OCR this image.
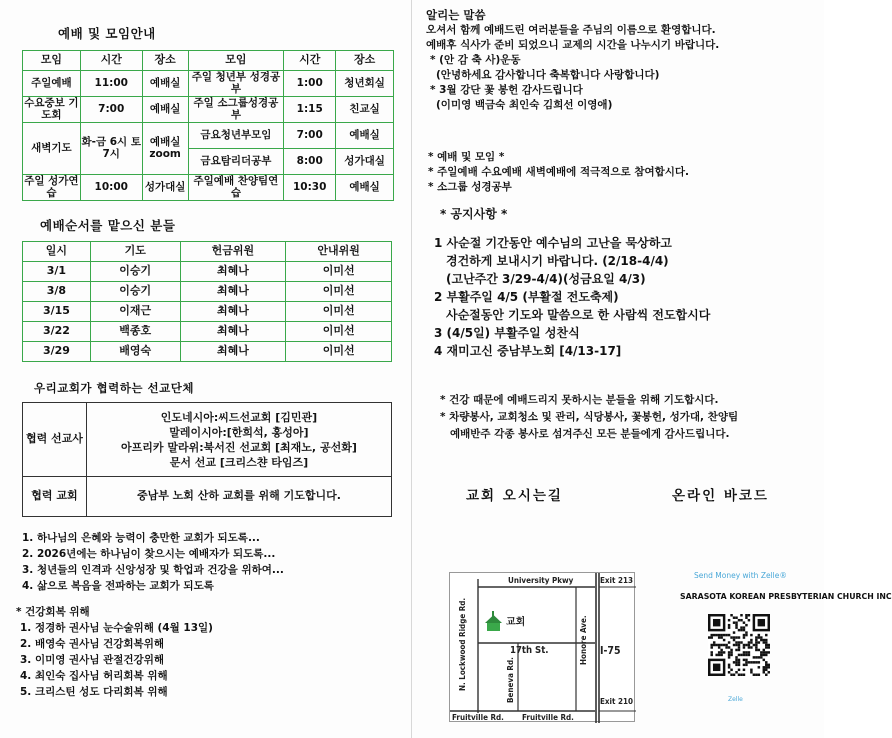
예배 및 모임안내
모임	시간	장소	모임	시간	장소
주일예배	11:00	예배실	주일 청년부 성경공부	1:00	청년회실
수요중보 기도회	7:00	예배실	주일 소그룹성경공부	1:15	친교실
새벽기도	화-금 6시 토 7시	예배실 zoom	금요청년부모임	7:00	예배실
			금요탐리더공부	8:00	성가대실
주일 성가연습	10:00	성가대실	주일예배 찬양팀연습	10:30	예배실
예배순서를 맡으신 분들
일시	기도	헌금위원	안내위원
3/1	이승기	최혜나	이미선
3/8	이승기	최혜나	이미선
3/15	이재근	최혜나	이미선
3/22	백종호	최혜나	이미선
3/29	배영숙	최혜나	이미선
우리교회가 협력하는 선교단체
협력 선교사	인도네시아:씨드선교회 [김민관]
말레이시아:[한희석, 홍성아]
아프리카 말라위:북서진 선교회 [최재노, 공선화]
문서 선교 [크리스챤 타임즈]

협력 교회	중남부 노회 산하 교회를 위해 기도합니다.
1. 하나님의 은혜와 능력이 충만한 교회가 되도록...
2. 2026년에는 하나님이 찾으시는 예배자가 되도록...
3. 청년들의 인격과 신앙성장 및 학업과 건강을 위하여...
4. 삶으로 복음을 전파하는 교회가 되도록
* 건강회복 위해
1. 정경하 권사님 눈수술위해 (4월 13일)
2. 배영숙 권사님 건강회복위해
3. 이미영 권사님 관절건강위해
4. 최인숙 집사님 허리회복 위해
5. 크리스틴 성도 다리회복 위해
알리는 말씀
오셔서 함께 예배드린 여러분들을 주님의 이름으로 환영합니다.
예배후 식사가 준비 되었으니 교제의 시간을 나누시기 바랍니다.
* (안 감 축 사)운동
(안녕하세요 감사합니다 축복합니다 사랑합니다)
* 3월 강단 꽃 봉헌 감사드립니다
(이미영 백금숙 최인숙 김희선 이영애)
* 예배 및 모임 *
* 주일예배 수요예배 새벽예배에 적극적으로 참여합시다.
* 소그룹 성경공부
* 공지사항 *
1 사순절 기간동안 예수님의 고난을 묵상하고
경건하게 보내시기 바랍니다. (2/18-4/4)
(고난주간 3/29-4/4)(성금요일 4/3)
2 부활주일 4/5 (부활절 전도축제)
사순절동안 기도와 말씀으로 한 사람씩 전도합시다
3 (4/5일) 부활주일 성찬식
4 재미고신 중남부노회 [4/13-17]
* 건강 때문에 예배드리지 못하시는 분들을 위해 기도합시다.
* 차량봉사, 교회청소 및 관리, 식당봉사, 꽃봉헌, 성가대, 찬양팀
예배반주 각종 봉사로 섬겨주신 모든 분들에게 감사드립니다.
교회 오시는길	온라인 바코드
University Pkwy	Exit 213
교회
N. Lockwood Ridge Rd.	17th St.	Honore Ave. I-75
Beneva Rd.	Exit 210
Fruitville Rd. Fruitville Rd.
Send Money with Zelle®
SARASOTA KOREAN PRESBYTERIAN CHURCH INC
Zelle
